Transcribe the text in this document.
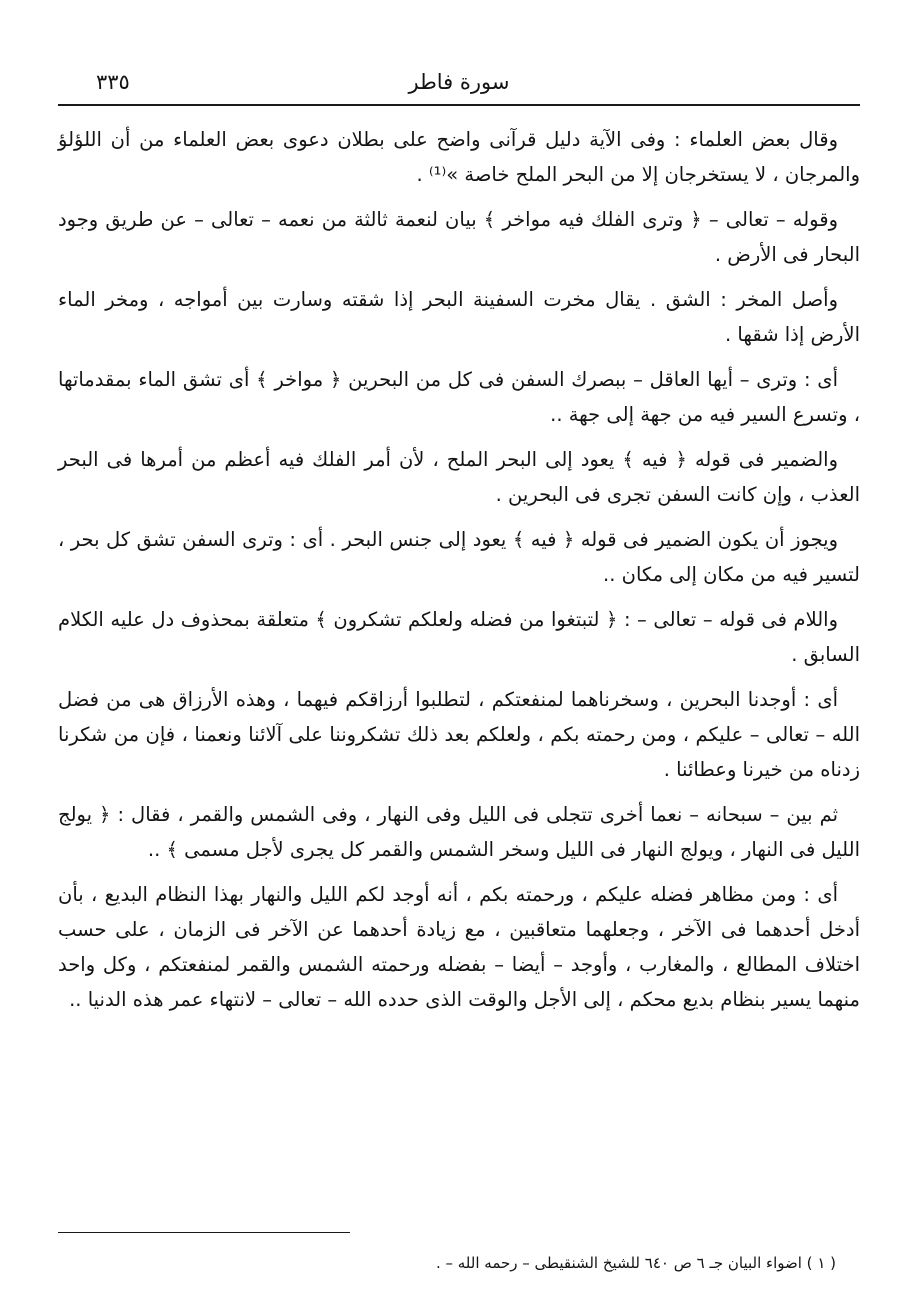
سورة فاطر
٣٣٥

وقال بعض العلماء : وفى الآية دليل قرآنى واضح على بطلان دعوى بعض العلماء من أن اللؤلؤ والمرجان ، لا يستخرجان إلا من البحر الملح خاصة »⁽¹⁾ .

وقوله – تعالى – ﴿ وترى الفلك فيه مواخر ﴾ بيان لنعمة ثالثة من نعمه – تعالى – عن طريق وجود البحار فى الأرض .

وأصل المخر : الشق . يقال مخرت السفينة البحر إذا شقته وسارت بين أمواجه ، ومخر الماء الأرض إذا شقها .

أى : وترى – أيها العاقل – ببصرك السفن فى كل من البحرين ﴿ مواخر ﴾ أى تشق الماء بمقدماتها ، وتسرع السير فيه من جهة إلى جهة ..

والضمير فى قوله ﴿ فيه ﴾ يعود إلى البحر الملح ، لأن أمر الفلك فيه أعظم من أمرها فى البحر العذب ، وإن كانت السفن تجرى فى البحرين .

ويجوز أن يكون الضمير فى قوله ﴿ فيه ﴾ يعود إلى جنس البحر . أى : وترى السفن تشق كل بحر ، لتسير فيه من مكان إلى مكان ..

واللام فى قوله – تعالى – : ﴿ لتبتغوا من فضله ولعلكم تشكرون ﴾ متعلقة بمحذوف دل عليه الكلام السابق .

أى : أوجدنا البحرين ، وسخرناهما لمنفعتكم ، لتطلبوا أرزاقكم فيهما ، وهذه الأرزاق هى من فضل الله – تعالى – عليكم ، ومن رحمته بكم ، ولعلكم بعد ذلك تشكروننا على آلائنا ونعمنا ، فإن من شكرنا زدناه من خيرنا وعطائنا .

ثم بين – سبحانه – نعما أخرى تتجلى فى الليل وفى النهار ، وفى الشمس والقمر ، فقال : ﴿ يولج الليل فى النهار ، ويولج النهار فى الليل وسخر الشمس والقمر كل يجرى لأجل مسمى ﴾ ..

أى : ومن مظاهر فضله عليكم ، ورحمته بكم ، أنه أوجد لكم الليل والنهار بهذا النظام البديع ، بأن أدخل أحدهما فى الآخر ، وجعلهما متعاقبين ، مع زيادة أحدهما عن الآخر فى الزمان ، على حسب اختلاف المطالع ، والمغارب ، وأوجد – أيضا – بفضله ورحمته الشمس والقمر لمنفعتكم ، وكل واحد منهما يسير بنظام بديع محكم ، إلى الأجل والوقت الذى حدده الله – تعالى – لانتهاء عمر هذه الدنيا ..

( ١ ) اضواء البيان جـ ٦ ص ٦٤٠ للشيخ الشنقيطى – رحمه الله – .
